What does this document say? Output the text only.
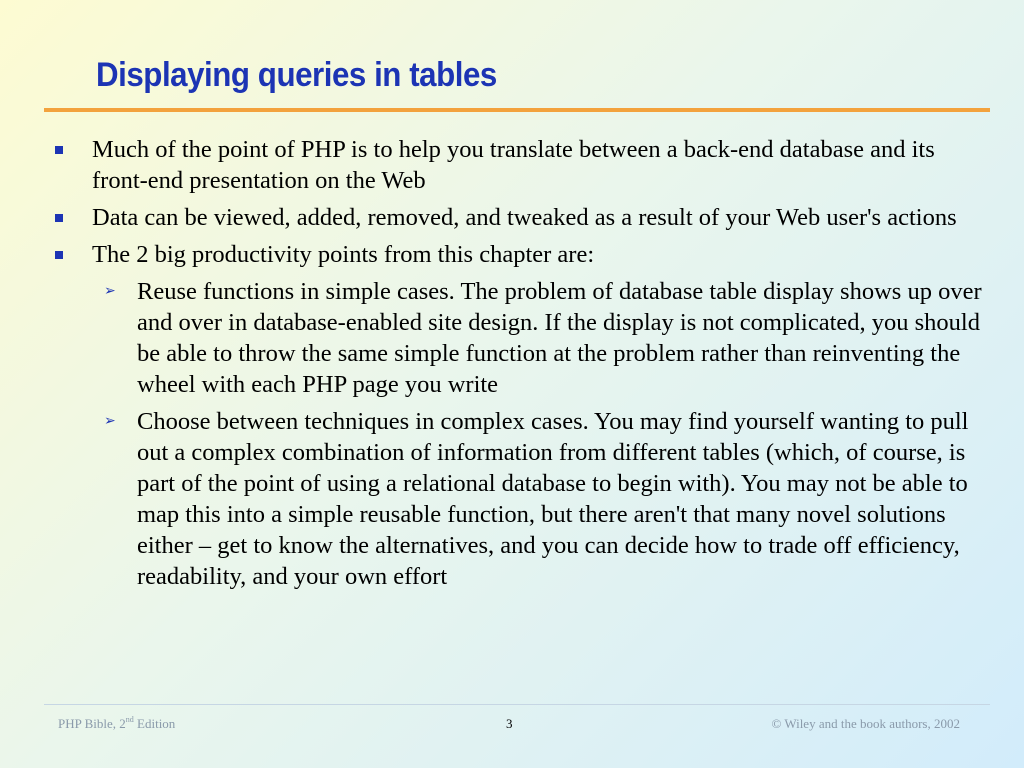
Displaying queries in tables
Much of the point of PHP is to help you translate between a back-end database and its front-end presentation on the Web
Data can be viewed, added, removed, and tweaked as a result of your Web user's actions
The 2 big productivity points from this chapter are:
➢ Reuse functions in simple cases. The problem of database table display shows up over and over in database-enabled site design. If the display is not complicated, you should be able to throw the same simple function at the problem rather than reinventing the wheel with each PHP page you write
➢ Choose between techniques in complex cases. You may find yourself wanting to pull out a complex combination of information from different tables (which, of course, is part of the point of using a relational database to begin with). You may not be able to map this into a simple reusable function, but there aren't that many novel solutions either – get to know the alternatives, and you can decide how to trade off efficiency, readability, and your own effort
PHP Bible, 2nd Edition	3	© Wiley and the book authors, 2002
